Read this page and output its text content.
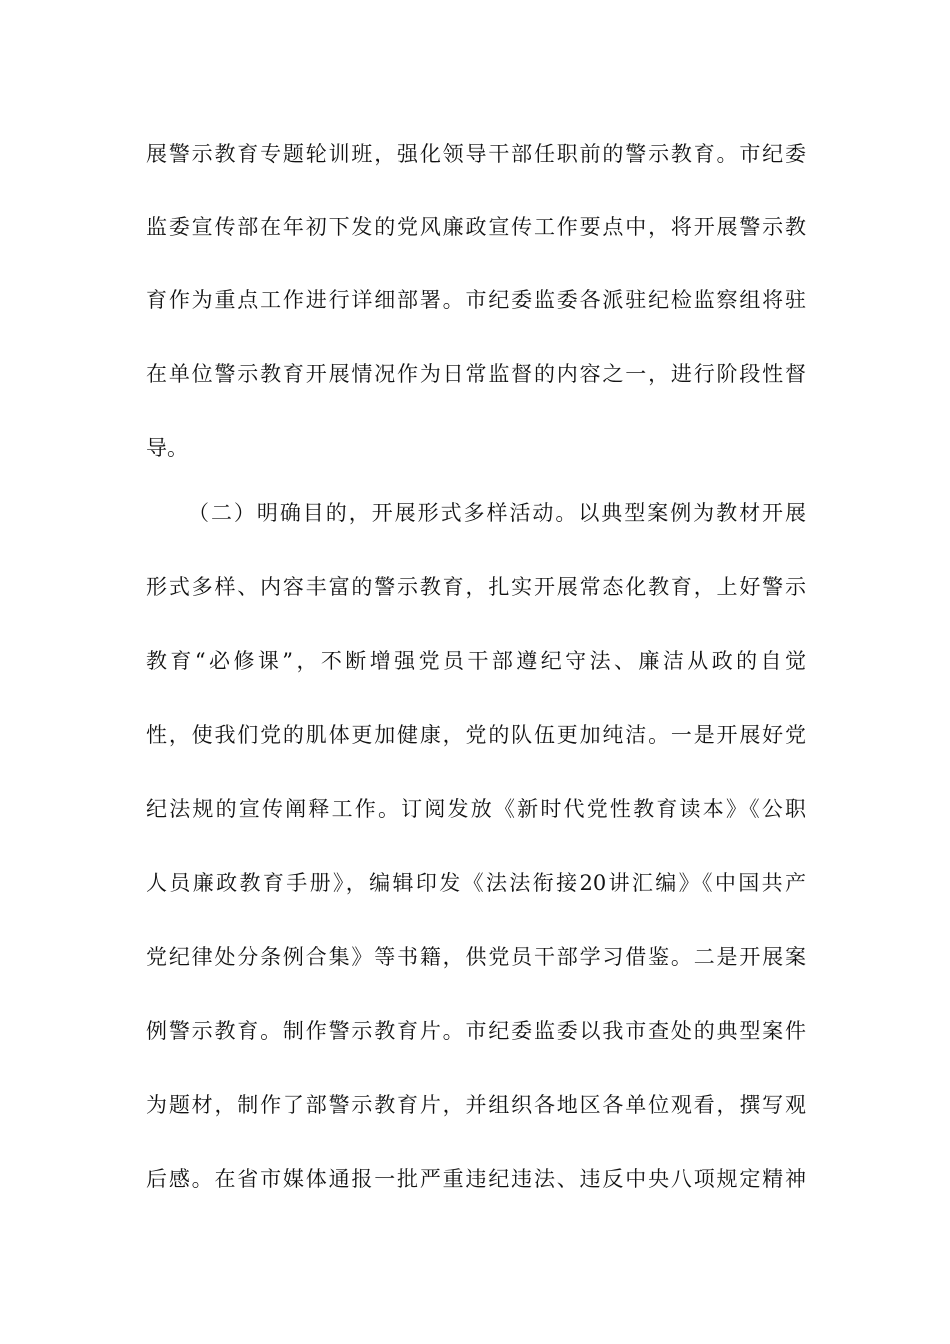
展警示教育专题轮训班，强化领导干部任职前的警示教育。市纪委

监委宣传部在年初下发的党风廉政宣传工作要点中，将开展警示教

育作为重点工作进行详细部署。市纪委监委各派驻纪检监察组将驻

在单位警示教育开展情况作为日常监督的内容之一，进行阶段性督

导。

（二）明确目的，开展形式多样活动。以典型案例为教材开展

形式多样、内容丰富的警示教育，扎实开展常态化教育，上好警示

教育“必修课”，不断增强党员干部遵纪守法、廉洁从政的自觉

性，使我们党的肌体更加健康，党的队伍更加纯洁。一是开展好党

纪法规的宣传阐释工作。订阅发放《新时代党性教育读本》《公职

人员廉政教育手册》，编辑印发《法法衔接20讲汇编》《中国共产

党纪律处分条例合集》等书籍，供党员干部学习借鉴。二是开展案

例警示教育。制作警示教育片。市纪委监委以我市查处的典型案件

为题材，制作了部警示教育片，并组织各地区各单位观看，撰写观

后感。在省市媒体通报一批严重违纪违法、违反中央八项规定精神
